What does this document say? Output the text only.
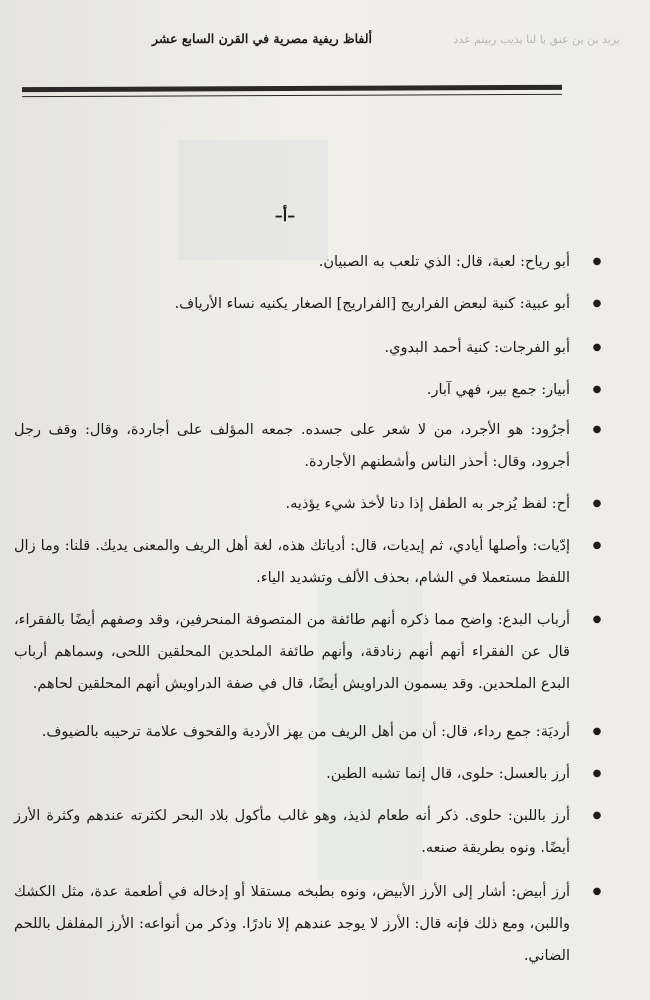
يزيد بن ين عنق يا لنا يذيب ربيتم عدد
ألفاظ ريفية مصرية في القرن السابع عشر
–أ–
●
أبو رياح: لعبة، قال: الذي تلعب به الصبيان.
●
أبو عبية: كنية لبعض الفراريج [الفراريج] الصغار يكنيه نساء الأرياف.
●
أبو الفرجات: كنية أحمد البدوي.
●
أبيار: جمع بير، فهي آبار.
●
أجرُود: هو الأجرد، من لا شعر على جسده. جمعه المؤلف على أجاردة، وقال: وقف رجل أجرود، وقال: أحذر الناس وأشطنهم الأجاردة.
●
أح: لفظ يُزجر به الطفل إذا دنا لأخذ شيء يؤذيه.
●
إدّيات: وأصلها أيادي، ثم إيديات، قال: أدياتك هذه، لغة أهل الريف والمعنى يديك. قلنا: وما زال اللفظ مستعملا في الشام، بحذف الألف وتشديد الياء.
●
أرباب البدع: واضح مما ذكره أنهم طائفة من المتصوفة المنحرفين، وقد وصفهم أيضًا بالفقراء، قال عن الفقراء أنهم أنهم زنادقة، وأنهم طائفة الملحدين المحلقين اللحى، وسماهم أرباب البدع الملحدين. وقد يسمون الدراويش أيضًا، قال في صفة الدراويش أنهم المحلقين لحاهم.
●
أرديَة: جمع رداء، قال: أن من أهل الريف من يهز الأردية والقحوف علامة ترحيبه بالضيوف.
●
أرز بالعسل: حلوى، قال إنما تشبه الطين.
●
أرز باللبن: حلوى. ذكر أنه طعام لذيذ، وهو غالب مأكول بلاد البحر لكثرته عندهم وكثرة الأرز أيضًا. ونوه بطريقة صنعه.
●
أرز أبيض: أشار إلى الأرز الأبيض، ونوه بطبخه مستقلا أو إدخاله في أطعمة عدة، مثل الكشك واللبن، ومع ذلك فإنه قال: الأرز لا يوجد عندهم إلا نادرًا. وذكر من أنواعه: الأرز المفلفل باللحم الضاني.
